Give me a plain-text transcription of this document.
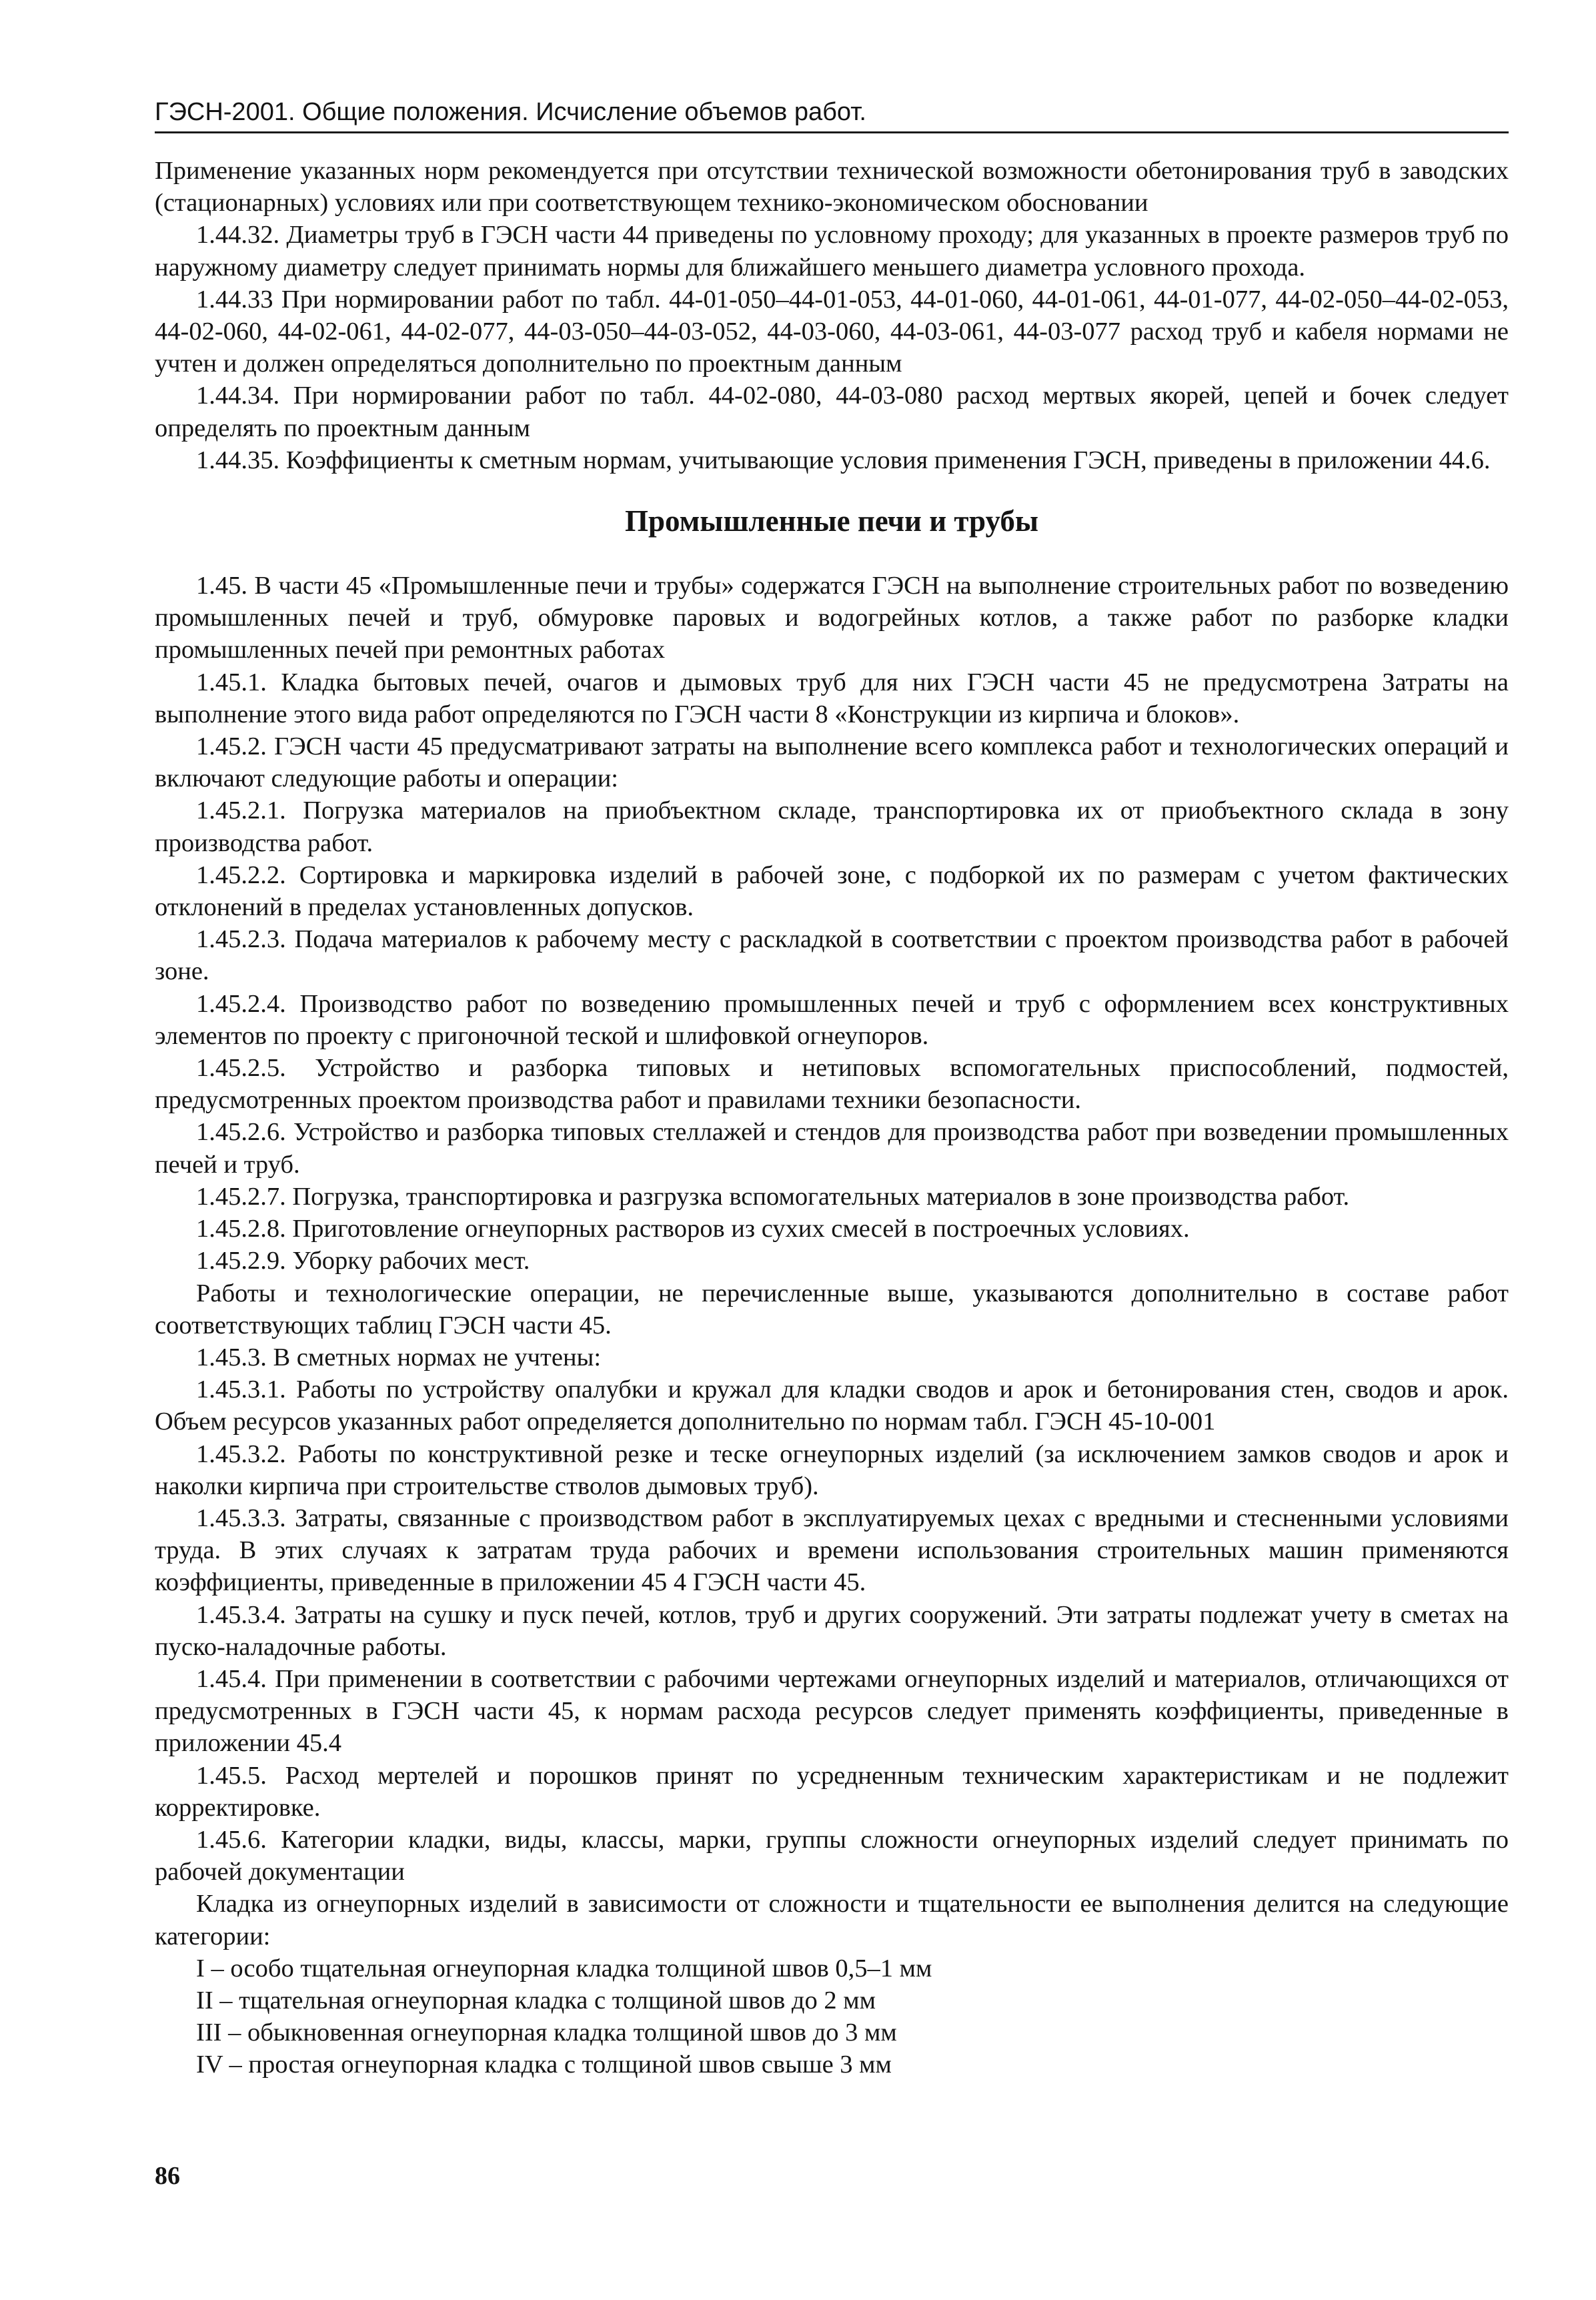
ГЭСН-2001. Общие положения. Исчисление объемов работ.

Применение указанных норм рекомендуется при отсутствии технической возможности обетонирования труб в заводских (стационарных) условиях или при соответствующем технико-экономическом обосновании

1.44.32. Диаметры труб в ГЭСН части 44 приведены по условному проходу; для указанных в проекте размеров труб по наружному диаметру следует принимать нормы для ближайшего меньшего диаметра условного прохода.

1.44.33 При нормировании работ по табл. 44-01-050–44-01-053, 44-01-060, 44-01-061, 44-01-077, 44-02-050–44-02-053, 44-02-060, 44-02-061, 44-02-077, 44-03-050–44-03-052, 44-03-060, 44-03-061, 44-03-077 расход труб и кабеля нормами не учтен и должен определяться дополнительно по проектным данным

1.44.34. При нормировании работ по табл. 44-02-080, 44-03-080 расход мертвых якорей, цепей и бочек следует определять по проектным данным

1.44.35. Коэффициенты к сметным нормам, учитывающие условия применения ГЭСН, приведены в приложении 44.6.

Промышленные печи и трубы

1.45. В части 45 «Промышленные печи и трубы» содержатся ГЭСН на выполнение строительных работ по возведению промышленных печей и труб, обмуровке паровых и водогрейных котлов, а также работ по разборке кладки промышленных печей при ремонтных работах

1.45.1. Кладка бытовых печей, очагов и дымовых труб для них ГЭСН части 45 не предусмотрена Затраты на выполнение этого вида работ определяются по ГЭСН части 8 «Конструкции из кирпича и блоков».

1.45.2. ГЭСН части 45 предусматривают затраты на выполнение всего комплекса работ и технологических операций и включают следующие работы и операции:

1.45.2.1. Погрузка материалов на приобъектном складе, транспортировка их от приобъектного склада в зону производства работ.

1.45.2.2. Сортировка и маркировка изделий в рабочей зоне, с подборкой их по размерам с учетом фактических отклонений в пределах установленных допусков.

1.45.2.3. Подача материалов к рабочему месту с раскладкой в соответствии с проектом производства работ в рабочей зоне.

1.45.2.4. Производство работ по возведению промышленных печей и труб с оформлением всех конструктивных элементов по проекту с пригоночной теской и шлифовкой огнеупоров.

1.45.2.5. Устройство и разборка типовых и нетиповых вспомогательных приспособлений, подмостей, предусмотренных проектом производства работ и правилами техники безопасности.

1.45.2.6. Устройство и разборка типовых стеллажей и стендов для производства работ при возведении промышленных печей и труб.

1.45.2.7. Погрузка, транспортировка и разгрузка вспомогательных материалов в зоне производства работ.

1.45.2.8. Приготовление огнеупорных растворов из сухих смесей в построечных условиях.

1.45.2.9. Уборку рабочих мест.

Работы и технологические операции, не перечисленные выше, указываются дополнительно в составе работ соответствующих таблиц ГЭСН части 45.

1.45.3. В сметных нормах не учтены:

1.45.3.1. Работы по устройству опалубки и кружал для кладки сводов и арок и бетонирования стен, сводов и арок. Объем ресурсов указанных работ определяется дополнительно по нормам табл. ГЭСН 45-10-001

1.45.3.2. Работы по конструктивной резке и теске огнеупорных изделий (за исключением замков сводов и арок и наколки кирпича при строительстве стволов дымовых труб).

1.45.3.3. Затраты, связанные с производством работ в эксплуатируемых цехах с вредными и стесненными условиями труда. В этих случаях к затратам труда рабочих и времени использования строительных машин применяются коэффициенты, приведенные в приложении 45 4 ГЭСН части 45.

1.45.3.4. Затраты на сушку и пуск печей, котлов, труб и других сооружений. Эти затраты подлежат учету в сметах на пуско-наладочные работы.

1.45.4. При применении в соответствии с рабочими чертежами огнеупорных изделий и материалов, отличающихся от предусмотренных в ГЭСН части 45, к нормам расхода ресурсов следует применять коэффициенты, приведенные в приложении 45.4

1.45.5. Расход мертелей и порошков принят по усредненным техническим характеристикам и не подлежит корректировке.

1.45.6. Категории кладки, виды, классы, марки, группы сложности огнеупорных изделий следует принимать по рабочей документации

Кладка из огнеупорных изделий в зависимости от сложности и тщательности ее выполнения делится на следующие категории:

I – особо тщательная огнеупорная кладка толщиной швов 0,5–1 мм

II – тщательная огнеупорная кладка с толщиной швов до 2 мм

III – обыкновенная огнеупорная кладка толщиной швов до 3 мм

IV – простая огнеупорная кладка с толщиной швов свыше 3 мм

86
